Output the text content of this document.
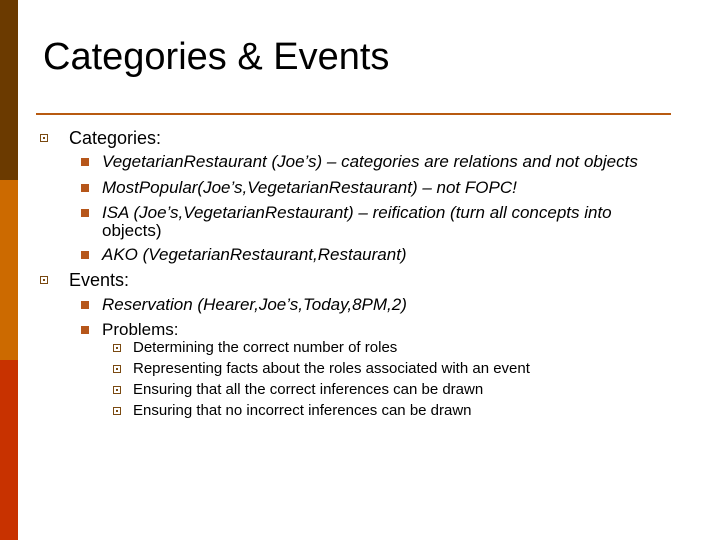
Categories & Events
Categories:
VegetarianRestaurant (Joe’s) – categories are relations and not objects
MostPopular(Joe’s,VegetarianRestaurant) – not FOPC!
ISA (Joe’s,VegetarianRestaurant) – reification (turn all concepts into
objects)
AKO (VegetarianRestaurant,Restaurant)
Events:
Reservation (Hearer,Joe’s,Today,8PM,2)
Problems:
Determining the correct number of roles
Representing facts about the roles associated with an event
Ensuring that all the correct inferences can be drawn
Ensuring that no incorrect inferences can be drawn
